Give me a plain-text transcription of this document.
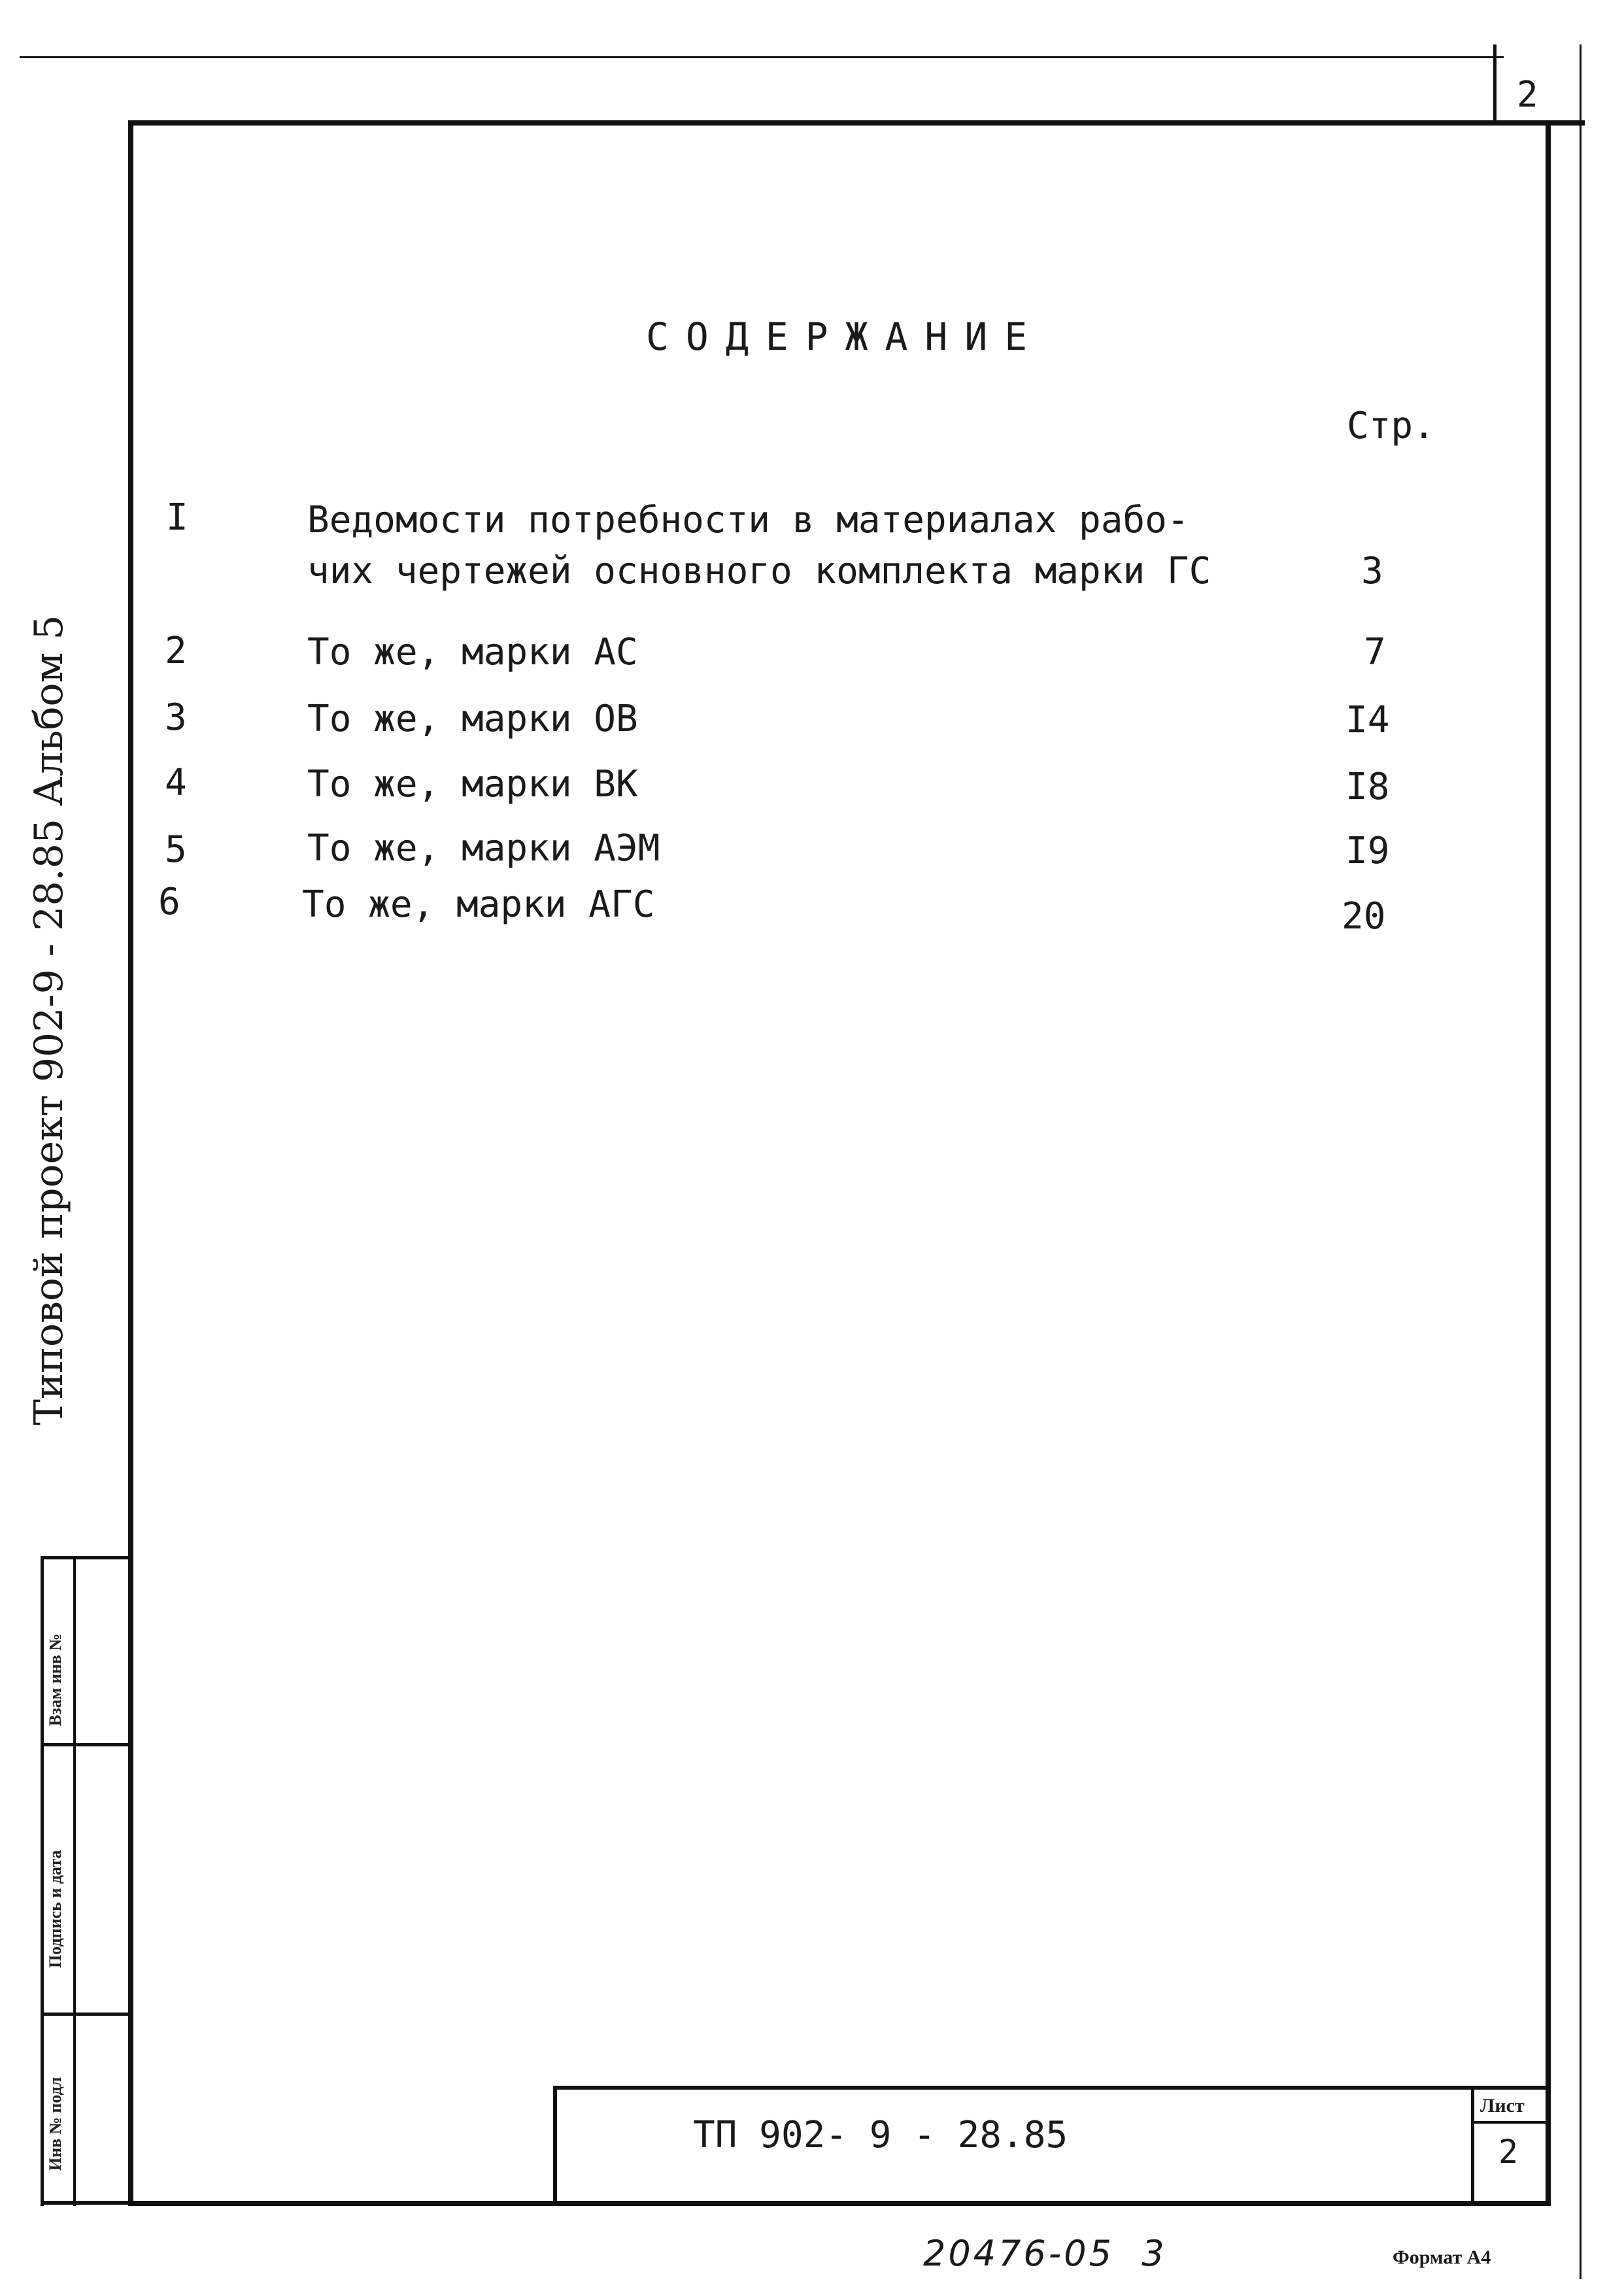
2
Типовой проект 902-9 - 28.85 Альбом 5
Взам инв №
Подпись и дата
Инв № подл
СОДЕРЖАНИЕ
Стр.
I	Ведомости потребности в материалах рабо-
чих чертежей основного комплекта марки ГС	3
2	То же, марки АС	7
3	То же, марки ОВ	I4
4	То же, марки ВК	I8
5	То же, марки АЭМ	I9
6	То же, марки АГС	20
ТП 902- 9 - 28.85
Лист
2
20476-05  3	Формат А4
